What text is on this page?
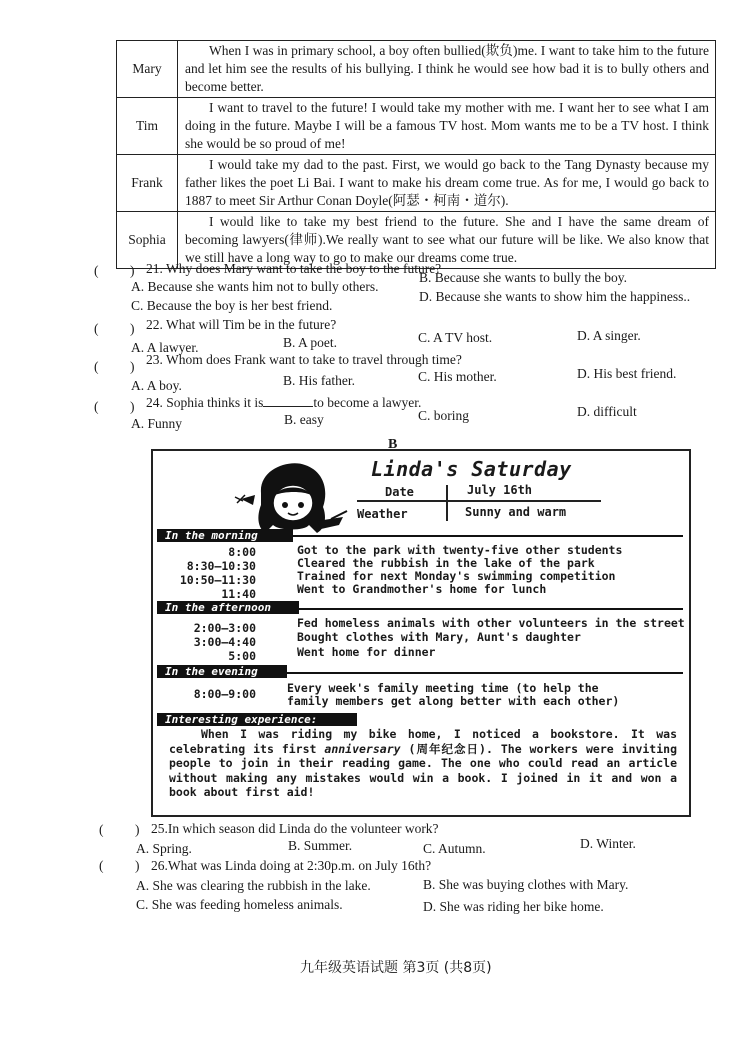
Mary	When I was in primary school, a boy often bullied(欺负)me. I want to take him to the future and let him see the results of his bullying. I think he would see how bad it is to bully others and become better.
Tim	I want to travel to the future! I would take my mother with me. I want her to see what I am doing in the future. Maybe I will be a famous TV host. Mom wants me to be a TV host. I think she would be so proud of me!
Frank	I would take my dad to the past. First, we would go back to the Tang Dynasty because my father likes the poet Li Bai. I want to make his dream come true. As for me, I would go back to 1887 to meet Sir Arthur Conan Doyle(阿瑟・柯南・道尔).
Sophia	I would like to take my best friend to the future. She and I have the same dream of becoming lawyers(律师).We really want to see what our future will be like. We also know that we still have a long way to go to make our dreams come true.
( ) 21. Why does Mary want to take the boy to the future?
A. Because she wants him not to bully others.
B. Because she wants to bully the boy.
C. Because the boy is her best friend.
D. Because she wants to show him the happiness..
( ) 22. What will Tim be in the future?
A. A lawyer.	B. A poet.	C. A TV host.	D. A singer.
( ) 23. Whom does Frank want to take to travel through time?
A. A boy.	B. His father.	C. His mother.	D. His best friend.
( ) 24. Sophia thinks it is	to become a lawyer.
A. Funny	B. easy	C. boring	D. difficult
B
Linda's Saturday
Date	July 16th
Weather	Sunny and warm
In the morning
8:00	Got to the park with twenty-five other students
8:30—10:30	Cleared the rubbish in the lake of the park
10:50—11:30	Trained for next Monday's swimming competition
11:40	Went to Grandmother's home for lunch
In the afternoon
2:00—3:00	Fed homeless animals with other volunteers in the street
3:00—4:40	Bought clothes with Mary, Aunt's daughter
5:00	Went home for dinner
In the evening
8:00—9:00	Every week's family meeting time (to help the
family members get along better with each other)
Interesting experience:
When I was riding my bike home, I noticed a bookstore. It was celebrating its first anniversary (周年纪念日). The workers were inviting people to join in their reading game. The one who could read an article without making any mistakes would win a book. I joined in it and won a book about first aid!
( ) 25.In which season did Linda do the volunteer work?
A. Spring.	B. Summer.	C. Autumn.	D. Winter.
( ) 26.What was Linda doing at 2:30p.m. on July 16th?
A. She was clearing the rubbish in the lake.	B. She was buying clothes with Mary.
C. She was feeding homeless animals.	D. She was riding her bike home.
九年级英语试题 第3页 (共8页)
